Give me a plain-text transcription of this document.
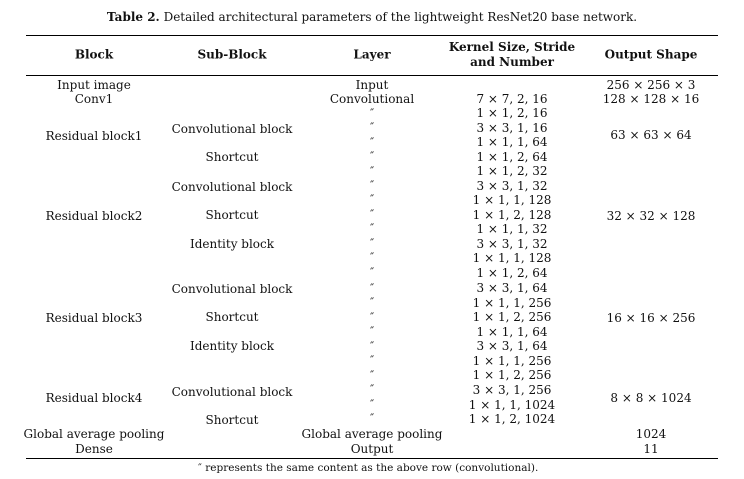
Table 2. Detailed architectural parameters of the lightweight ResNet20 base network.
Block	Sub-Block	Layer
Kernel Size, Stride
and Number
Output Shape
Input image
Conv1
Residual block1
Residual block2
Residual block3
Residual block4
Global average pooling
Dense
Convolutional block
Shortcut
Convolutional block
Shortcut
Identity block
Convolutional block
Shortcut
Identity block
Convolutional block
Shortcut
Input
Convolutional
″
″
″
″
″
″
″
″
″
″
″
″
″
″
″
″
″
″
″
″
″
″
Global average pooling
Output
7 × 7, 2, 16
1 × 1, 2, 16
3 × 3, 1, 16
1 × 1, 1, 64
1 × 1, 2, 64
1 × 1, 2, 32
3 × 3, 1, 32
1 × 1, 1, 128
1 × 1, 2, 128
1 × 1, 1, 32
3 × 3, 1, 32
1 × 1, 1, 128
1 × 1, 2, 64
3 × 3, 1, 64
1 × 1, 1, 256
1 × 1, 2, 256
1 × 1, 1, 64
3 × 3, 1, 64
1 × 1, 1, 256
1 × 1, 2, 256
3 × 3, 1, 256
1 × 1, 1, 1024
1 × 1, 2, 1024
256 × 256 × 3
128 × 128 × 16
63 × 63 × 64
32 × 32 × 128
16 × 16 × 256
8 × 8 × 1024
1024
11
″ represents the same content as the above row (convolutional).
